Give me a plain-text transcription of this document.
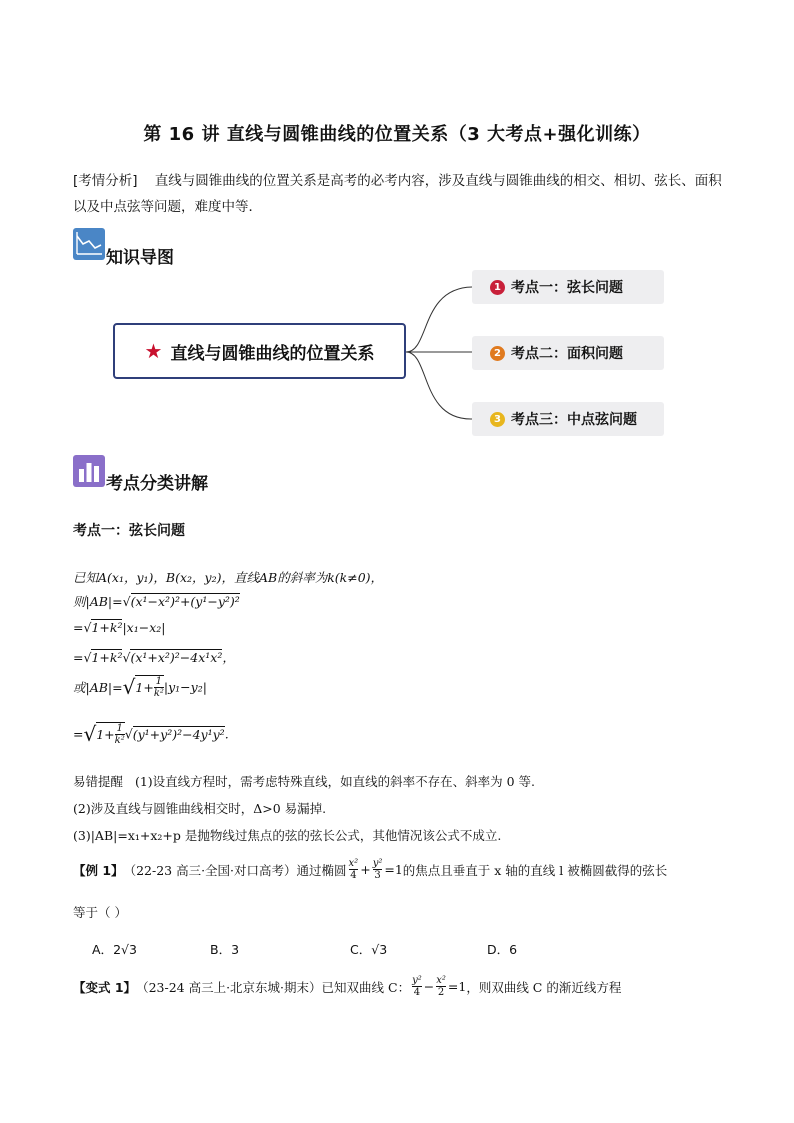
第 16 讲 直线与圆锥曲线的位置关系（3 大考点+强化训练）
[考情分析] 直线与圆锥曲线的位置关系是高考的必考内容，涉及直线与圆锥曲线的相交、相切、弦长、面积以及中点弦等问题，难度中等．
知识导图
★ 直线与圆锥曲线的位置关系
1 考点一：弦长问题
2 考点二：面积问题
3 考点三：中点弦问题
考点分类讲解
考点一：弦长问题
已知A(x₁，y₁)，B(x₂，y₂)，直线AB的斜率为k(k≠0)，
则|AB|=√(x¹−x²)²+(y¹−y²)²
=√1+k²|x₁−x₂|
=√1+k²√(x¹+x²)²−4x¹x²，
或|AB|=√ $1+ \frac{1}{\text{k²}} |y_1-y_2|$
=√ $1+ \frac{1}{\text{k²}} √(y^1+y^2)^2-4y^1y^2$.
易错提醒 (1)设直线方程时，需考虑特殊直线，如直线的斜率不存在、斜率为 0 等.
(2)涉及直线与圆锥曲线相交时，Δ>0 易漏掉.
(3)|AB|=x₁+x₂+p 是抛物线过焦点的弦的弦长公式，其他情况该公式不成立.
【例 1】 （22-23 高三·全国·对口高考） 通过椭圆 $\frac{\text{x²}}{4} + \frac{\text{y²}}{3} =1$ 的焦点且垂直于 x 轴的直线 l 被椭圆截得的弦长
等于（ ）
A．2√3	B．3	C．√3	D．6
【变式 1】 （23-24 高三上·北京东城·期末） 已知双曲线 C： $\frac{\text{y²}}{4} - \frac{\text{x²}}{2} =1$ ，则双曲线 C 的渐近线方程
